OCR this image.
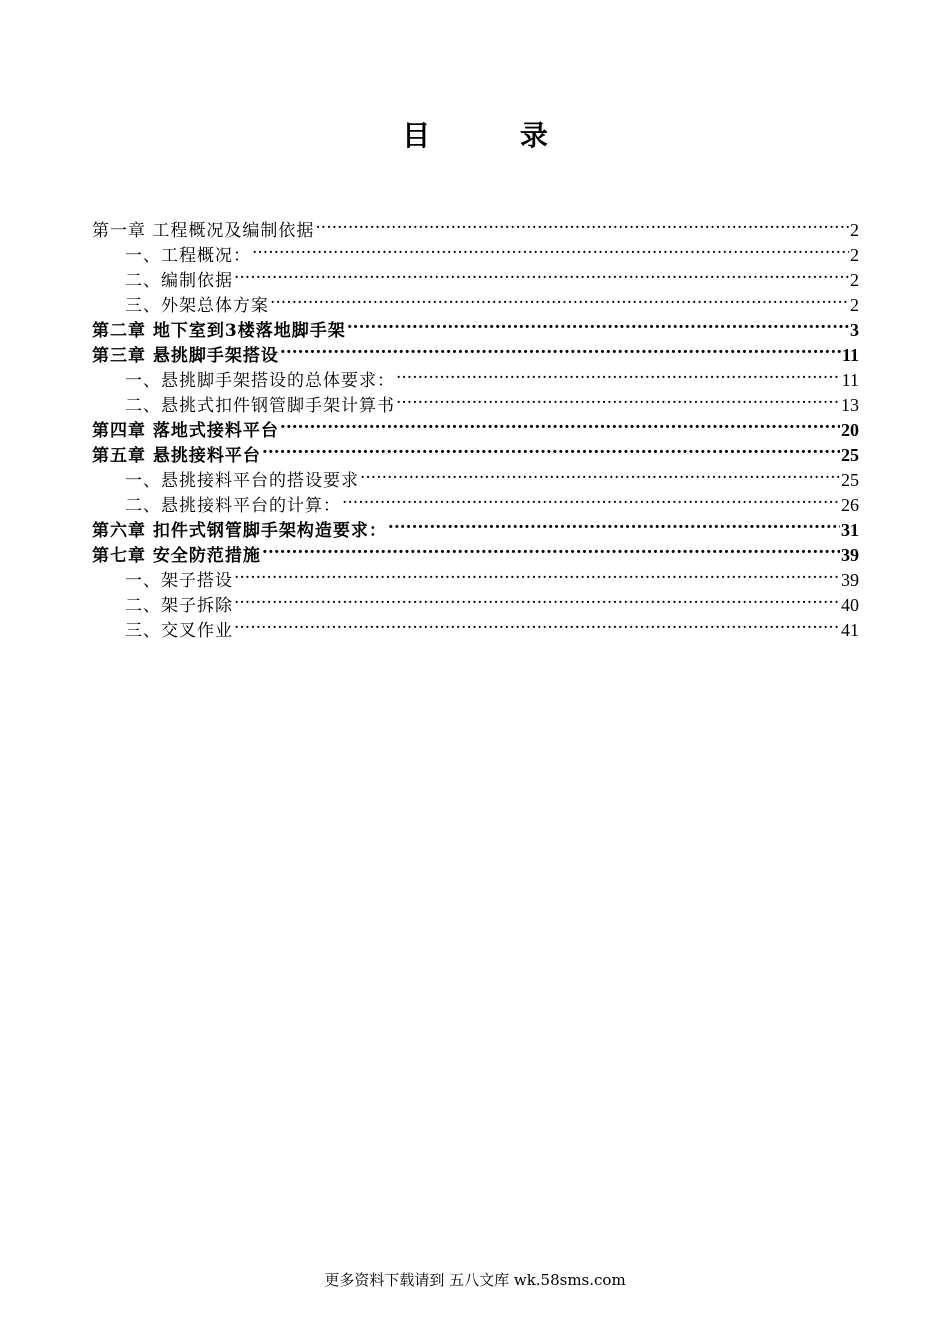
目 录
第一章 工程概况及编制依据 .....	2
一、工程概况： .....	2
二、编制依据 .....	2
三、外架总体方案 .....	2
第二章 地下室到3楼落地脚手架 .....	3
第三章 悬挑脚手架搭设 .....	11
一、悬挑脚手架搭设的总体要求： .....	11
二、悬挑式扣件钢管脚手架计算书 .....	13
第四章 落地式接料平台 .....	20
第五章 悬挑接料平台 .....	25
一、悬挑接料平台的搭设要求 .....	25
二、悬挑接料平台的计算： .....	26
第六章 扣件式钢管脚手架构造要求： .....	31
第七章 安全防范措施 .....	39
一、架子搭设 .....	39
二、架子拆除 .....	40
三、交叉作业 .....	41
更多资料下载请到 五八文库 wk.58sms.com
